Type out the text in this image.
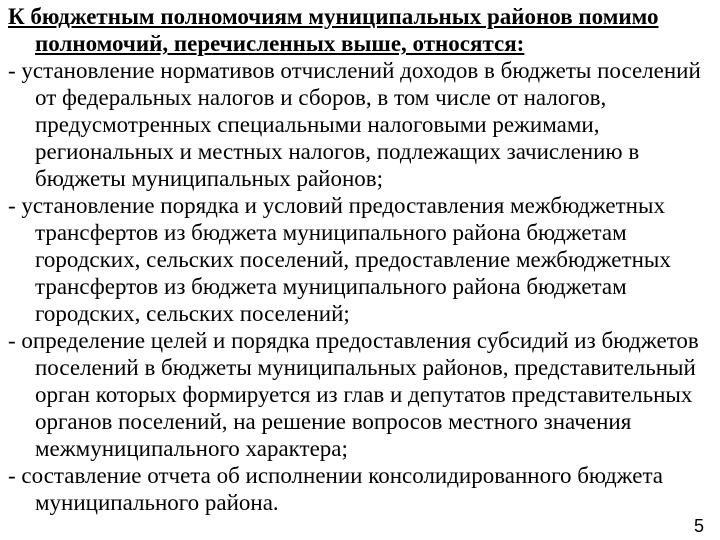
К бюджетным полномочиям муниципальных районов помимо полномочий, перечисленных выше, относятся:

- установление нормативов отчислений доходов в бюджеты поселений от федеральных налогов и сборов, в том числе от налогов, предусмотренных специальными налоговыми режимами, региональных и местных налогов, подлежащих зачислению в бюджеты муниципальных районов;

- установление порядка и условий предоставления межбюджетных трансфертов из бюджета муниципального района бюджетам городских, сельских поселений, предоставление межбюджетных трансфертов из бюджета муниципального района бюджетам городских, сельских поселений;

- определение целей и порядка предоставления субсидий из бюджетов поселений в бюджеты муниципальных районов, представительный орган которых формируется из глав и депутатов представительных органов поселений, на решение вопросов местного значения межмуниципального характера;

- составление отчета об исполнении консолидированного бюджета муниципального района.

5
